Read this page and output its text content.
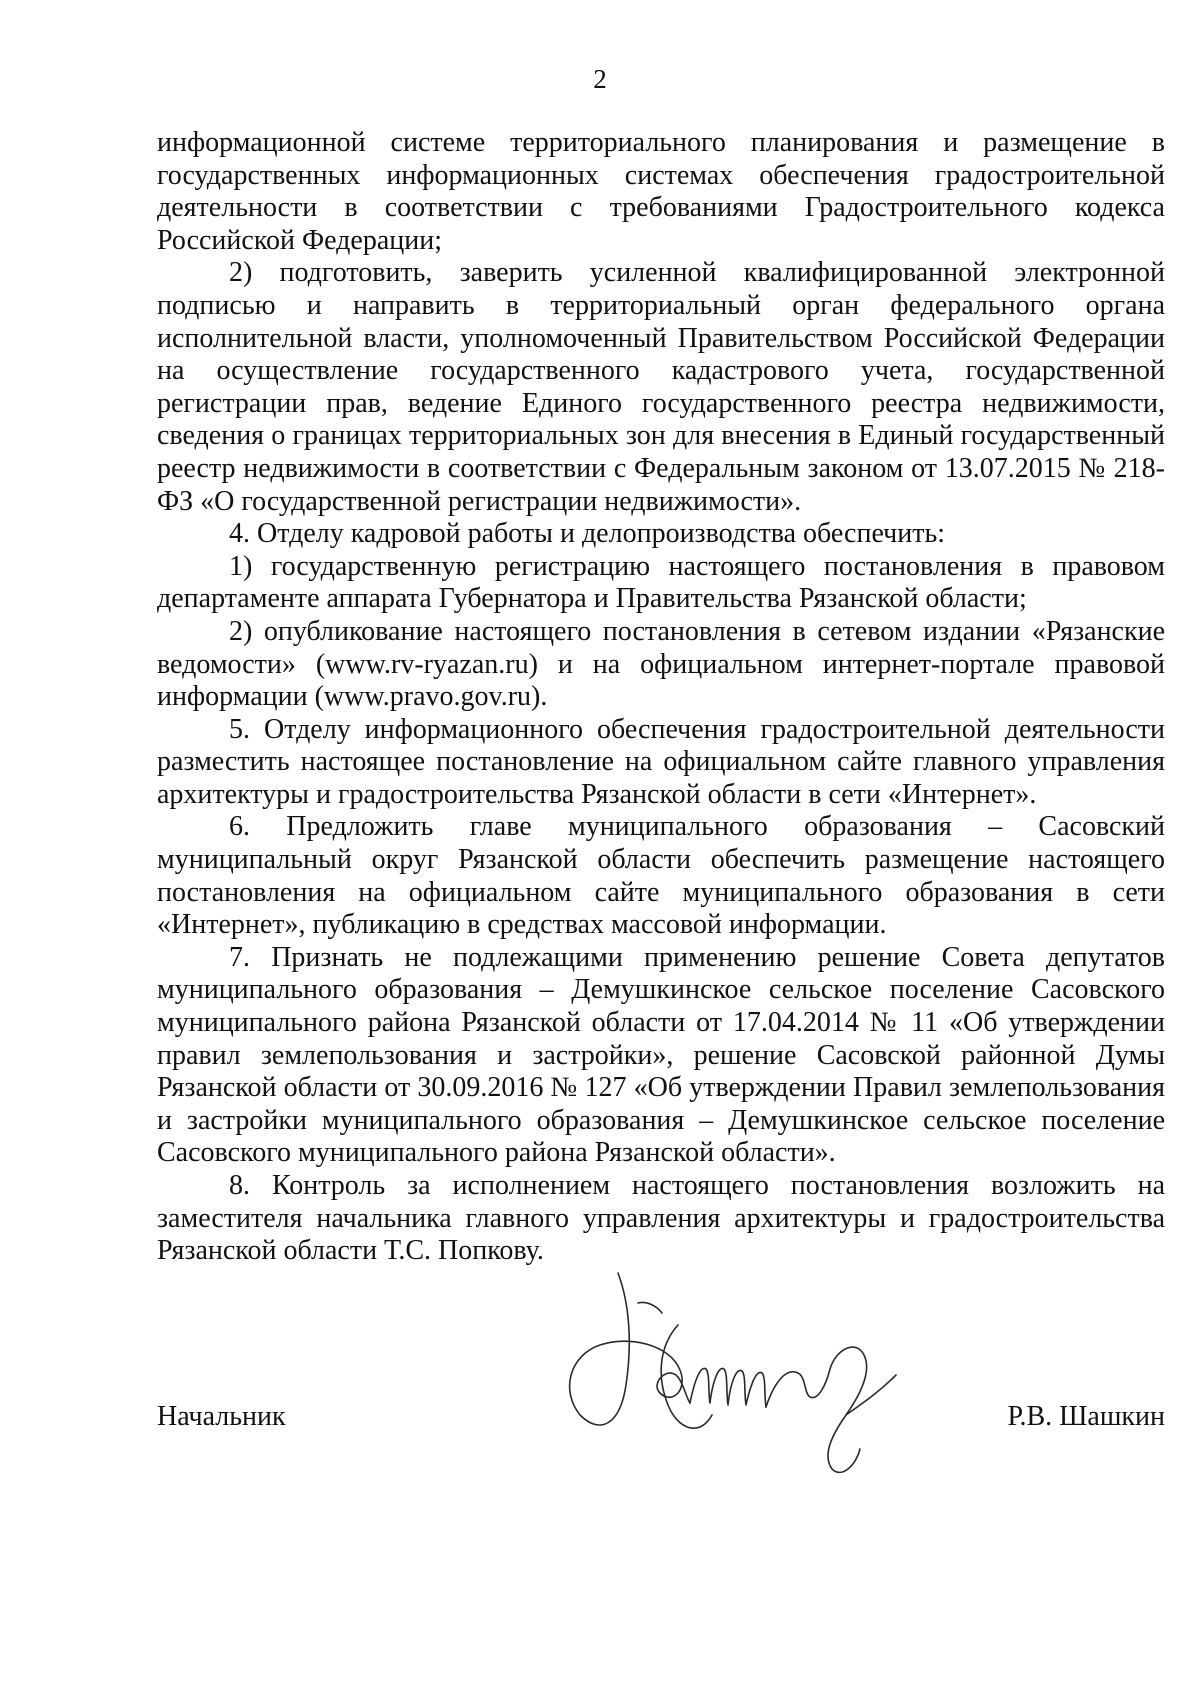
2

информационной системе территориального планирования и размещение в государственных информационных системах обеспечения градостроительной деятельности в соответствии с требованиями Градостроительного кодекса Российской Федерации;

2) подготовить, заверить усиленной квалифицированной электронной подписью и направить в территориальный орган федерального органа исполнительной власти, уполномоченный Правительством Российской Федерации на осуществление государственного кадастрового учета, государственной регистрации прав, ведение Единого государственного реестра недвижимости, сведения о границах территориальных зон для внесения в Единый государственный реестр недвижимости в соответствии с Федеральным законом от 13.07.2015 № 218-ФЗ «О государственной регистрации недвижимости».

4. Отделу кадровой работы и делопроизводства обеспечить:

1) государственную регистрацию настоящего постановления в правовом департаменте аппарата Губернатора и Правительства Рязанской области;

2) опубликование настоящего постановления в сетевом издании «Рязанские ведомости» (www.rv-ryazan.ru) и на официальном интернет-портале правовой информации (www.pravo.gov.ru).

5. Отделу информационного обеспечения градостроительной деятельности разместить настоящее постановление на официальном сайте главного управления архитектуры и градостроительства Рязанской области в сети «Интернет».

6. Предложить главе муниципального образования – Сасовский муниципальный округ Рязанской области обеспечить размещение настоящего постановления на официальном сайте муниципального образования в сети «Интернет», публикацию в средствах массовой информации.

7. Признать не подлежащими применению решение Совета депутатов муниципального образования – Демушкинское сельское поселение Сасовского муниципального района Рязанской области от 17.04.2014 № 11 «Об утверждении правил землепользования и застройки», решение Сасовской районной Думы Рязанской области от 30.09.2016 № 127 «Об утверждении Правил землепользования и застройки муниципального образования – Демушкинское сельское поселение Сасовского муниципального района Рязанской области».

8. Контроль за исполнением настоящего постановления возложить на заместителя начальника главного управления архитектуры и градостроительства Рязанской области Т.С. Попкову.

Начальник	Р.В. Шашкин
